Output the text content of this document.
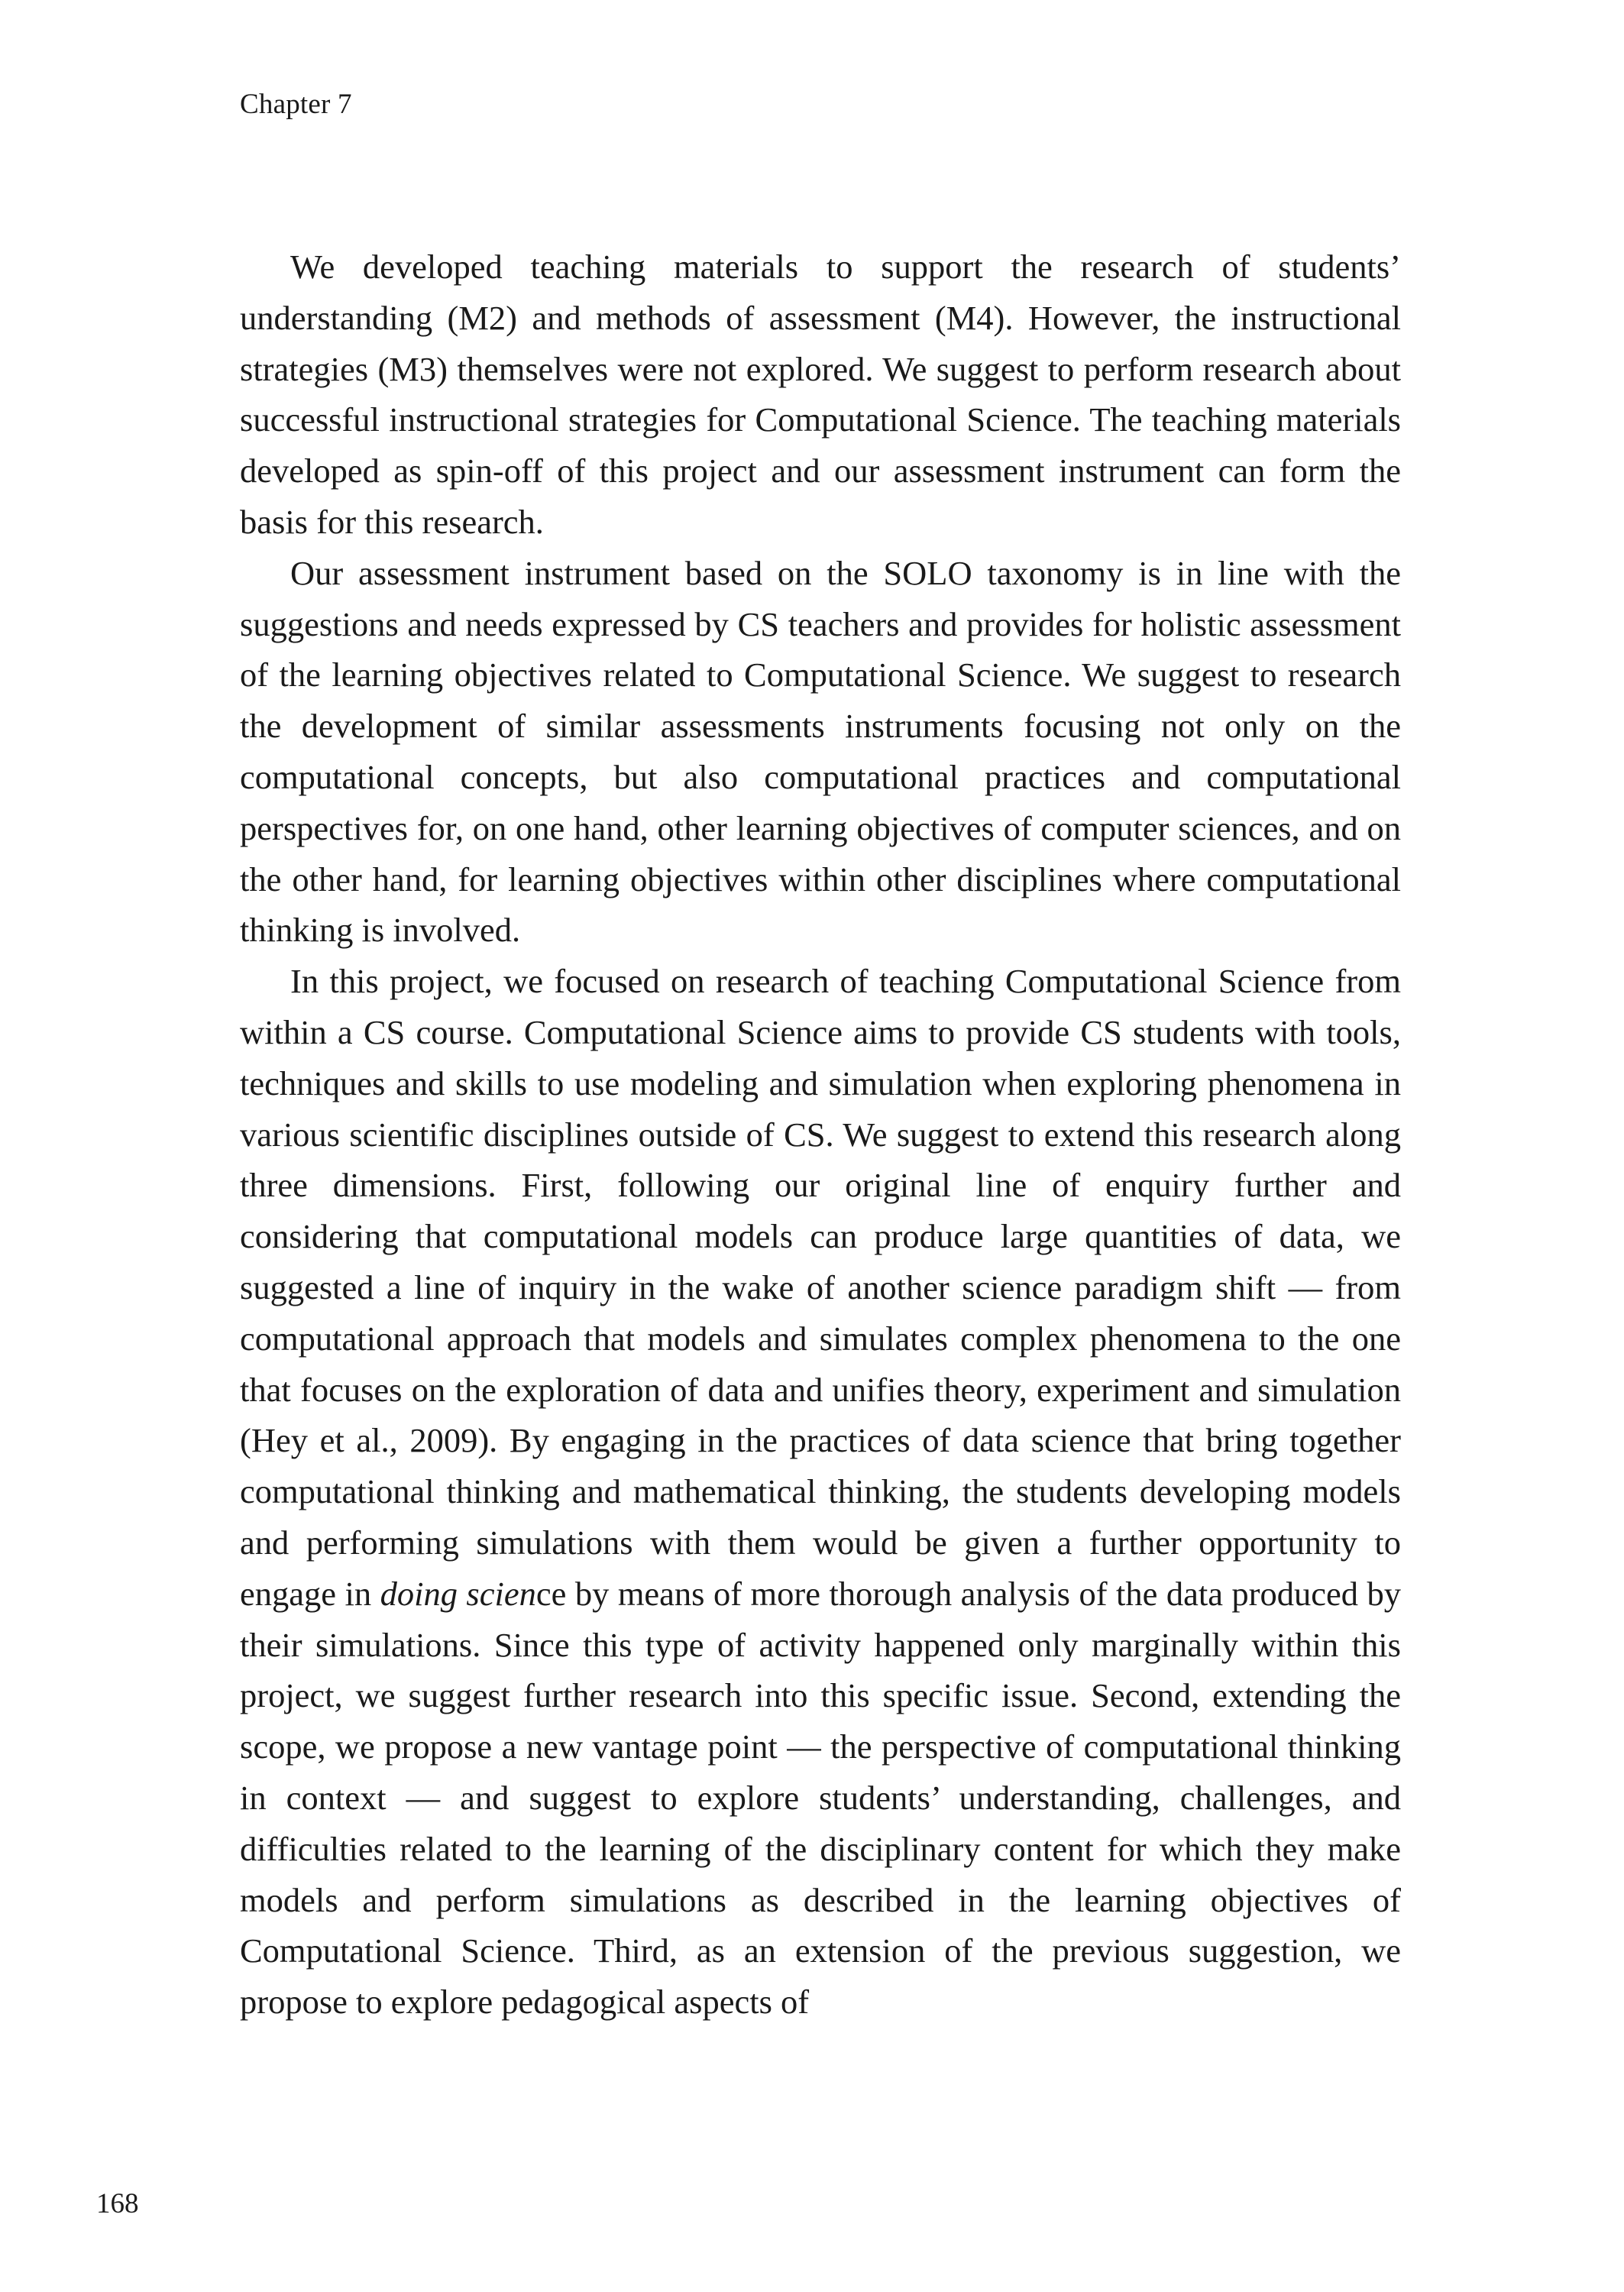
Chapter 7

We developed teaching materials to support the research of students’ understanding (M2) and methods of assessment (M4). However, the instructional strategies (M3) themselves were not explored. We suggest to perform research about successful instructional strategies for Computational Science. The teaching materials developed as spin-off of this project and our assessment instrument can form the basis for this research.

Our assessment instrument based on the SOLO taxonomy is in line with the suggestions and needs expressed by CS teachers and provides for holistic assessment of the learning objectives related to Computational Science. We suggest to research the development of similar assessments instruments focusing not only on the computational concepts, but also computational practices and computational perspectives for, on one hand, other learning objectives of computer sciences, and on the other hand, for learning objectives within other disciplines where computational thinking is involved.

In this project, we focused on research of teaching Computational Science from within a CS course. Computational Science aims to provide CS students with tools, techniques and skills to use modeling and simulation when exploring phenomena in various scientific disciplines outside of CS. We suggest to extend this research along three dimensions. First, following our original line of enquiry further and considering that computational models can produce large quantities of data, we suggested a line of inquiry in the wake of another science paradigm shift — from computational approach that models and simulates complex phenomena to the one that focuses on the exploration of data and unifies theory, experiment and simulation (Hey et al., 2009). By engaging in the practices of data science that bring together computational thinking and mathematical thinking, the students developing models and performing simulations with them would be given a further opportunity to engage in doing science by means of more thorough analysis of the data produced by their simulations. Since this type of activity happened only marginally within this project, we suggest further research into this specific issue. Second, extending the scope, we propose a new vantage point — the perspective of computational thinking in context — and suggest to explore students’ understanding, challenges, and difficulties related to the learning of the disciplinary content for which they make models and perform simulations as described in the learning objectives of Computational Science. Third, as an extension of the previous suggestion, we propose to explore pedagogical aspects of

168
